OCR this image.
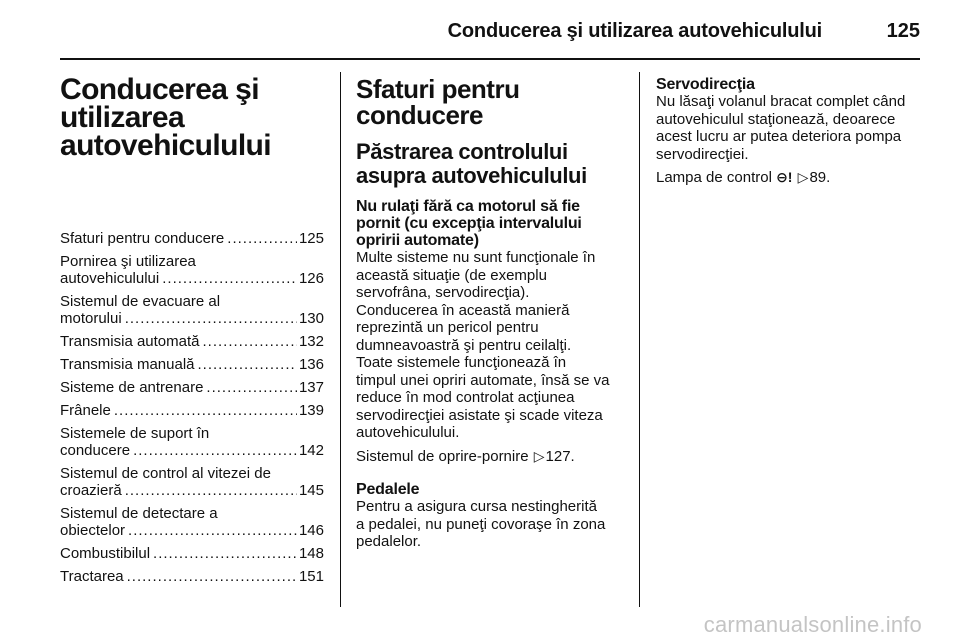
Conducerea şi utilizarea autovehiculului	125
Conducerea şi
utilizarea
autovehiculului
Sfaturi pentru conducere .....	125
Pornirea şi utilizarea
autovehiculului .....	126
Sistemul de evacuare al
motorului .....	130
Transmisia automată .....	132
Transmisia manuală .....	136
Sisteme de antrenare .....	137
Frânele .....	139
Sistemele de suport în
conducere .....	142
Sistemul de control al vitezei de
croazieră .....	145
Sistemul de detectare a
obiectelor .....	146
Combustibilul .....	148
Tractarea .....	151
Sfaturi pentru
conducere
Păstrarea controlului
asupra autovehiculului
Nu rulaţi fără ca motorul să fie
pornit (cu excepţia intervalului
opririi automate)

Multe sisteme nu sunt funcţionale în
această situaţie (de exemplu
servofrâna, servodirecţia).
Conducerea în această manieră
reprezintă un pericol pentru
dumneavoastră şi pentru ceilalţi.
Toate sistemele funcţionează în
timpul unei opriri automate, însă se va
reduce în mod controlat acţiunea
servodirecţiei asistate şi scade viteza
autovehiculului.

Sistemul de oprire-pornire ▷127.

Pedalele

Pentru a asigura cursa nestingherită
a pedalei, nu puneţi covoraşe în zona
pedalelor.

Servodirecţia

Nu lăsaţi volanul bracat complet când
autovehiculul staţionează, deoarece
acest lucru ar putea deteriora pompa
servodirecţiei.

Lampa de control ⊖! ▷89.

carmanualsonline.info
